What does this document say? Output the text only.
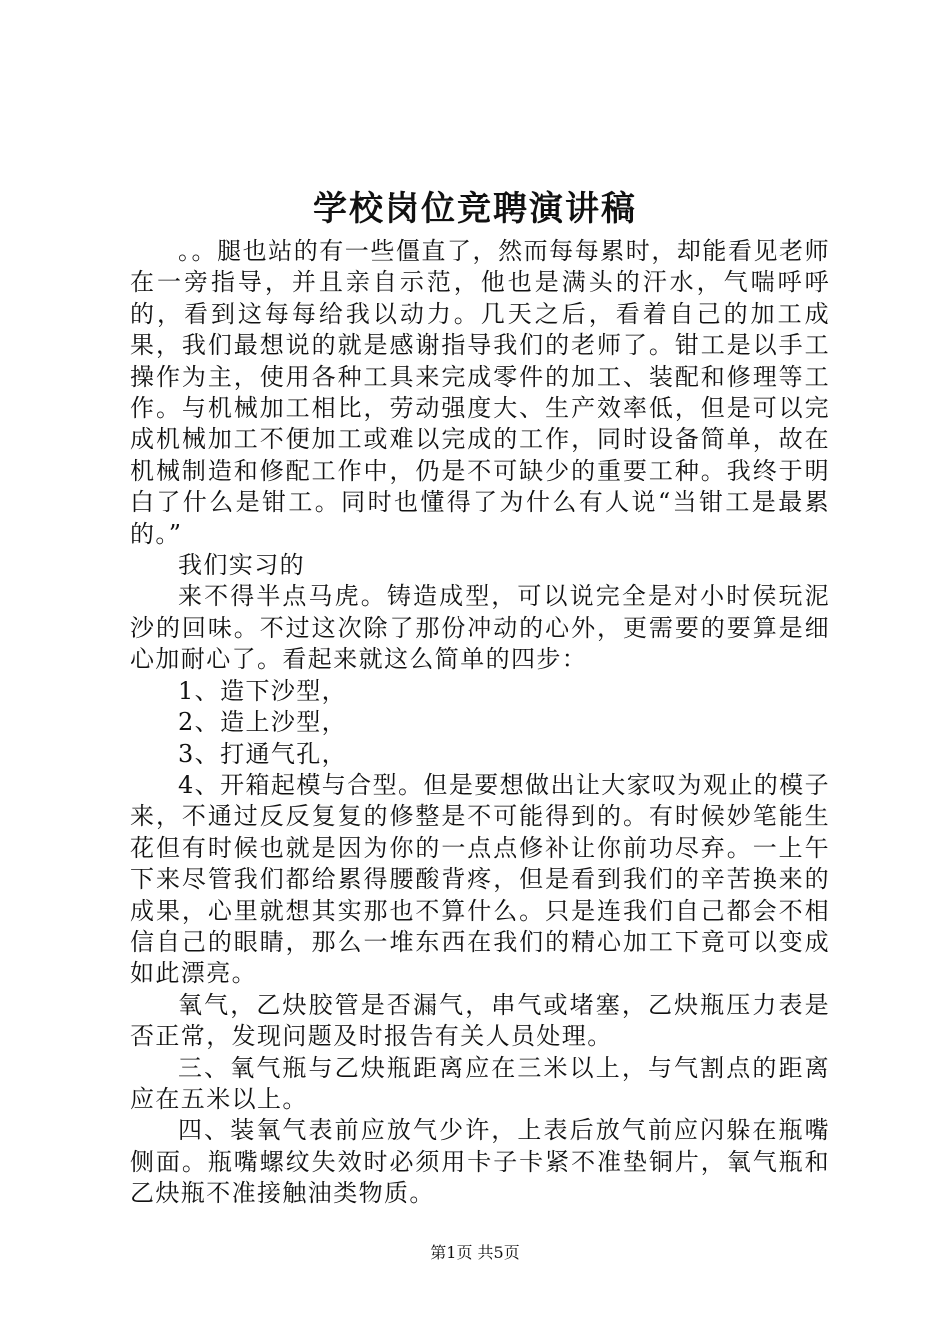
学校岗位竞聘演讲稿

。。腿也站的有一些僵直了，然而每每累时，却能看见老师在一旁指导，并且亲自示范，他也是满头的汗水，气喘呼呼的，看到这每每给我以动力。几天之后，看着自己的加工成果，我们最想说的就是感谢指导我们的老师了。钳工是以手工操作为主，使用各种工具来完成零件的加工、装配和修理等工作。与机械加工相比，劳动强度大、生产效率低，但是可以完成机械加工不便加工或难以完成的工作，同时设备简单，故在机械制造和修配工作中，仍是不可缺少的重要工种。我终于明白了什么是钳工。同时也懂得了为什么有人说“当钳工是最累的。”

我们实习的

来不得半点马虎。铸造成型，可以说完全是对小时侯玩泥沙的回味。不过这次除了那份冲动的心外，更需要的要算是细心加耐心了。看起来就这么简单的四步：

1、造下沙型，

2、造上沙型，

3、打通气孔，

4、开箱起模与合型。但是要想做出让大家叹为观止的模子来，不通过反反复复的修整是不可能得到的。有时候妙笔能生花但有时候也就是因为你的一点点修补让你前功尽弃。一上午下来尽管我们都给累得腰酸背疼，但是看到我们的辛苦换来的成果，心里就想其实那也不算什么。只是连我们自己都会不相信自己的眼睛，那么一堆东西在我们的精心加工下竟可以变成如此漂亮。

氧气，乙炔胶管是否漏气，串气或堵塞，乙炔瓶压力表是否正常，发现问题及时报告有关人员处理。

三、氧气瓶与乙炔瓶距离应在三米以上，与气割点的距离应在五米以上。

四、装氧气表前应放气少许，上表后放气前应闪躲在瓶嘴侧面。瓶嘴螺纹失效时必须用卡子卡紧不准垫铜片，氧气瓶和乙炔瓶不准接触油类物质。

第1页 共5页
